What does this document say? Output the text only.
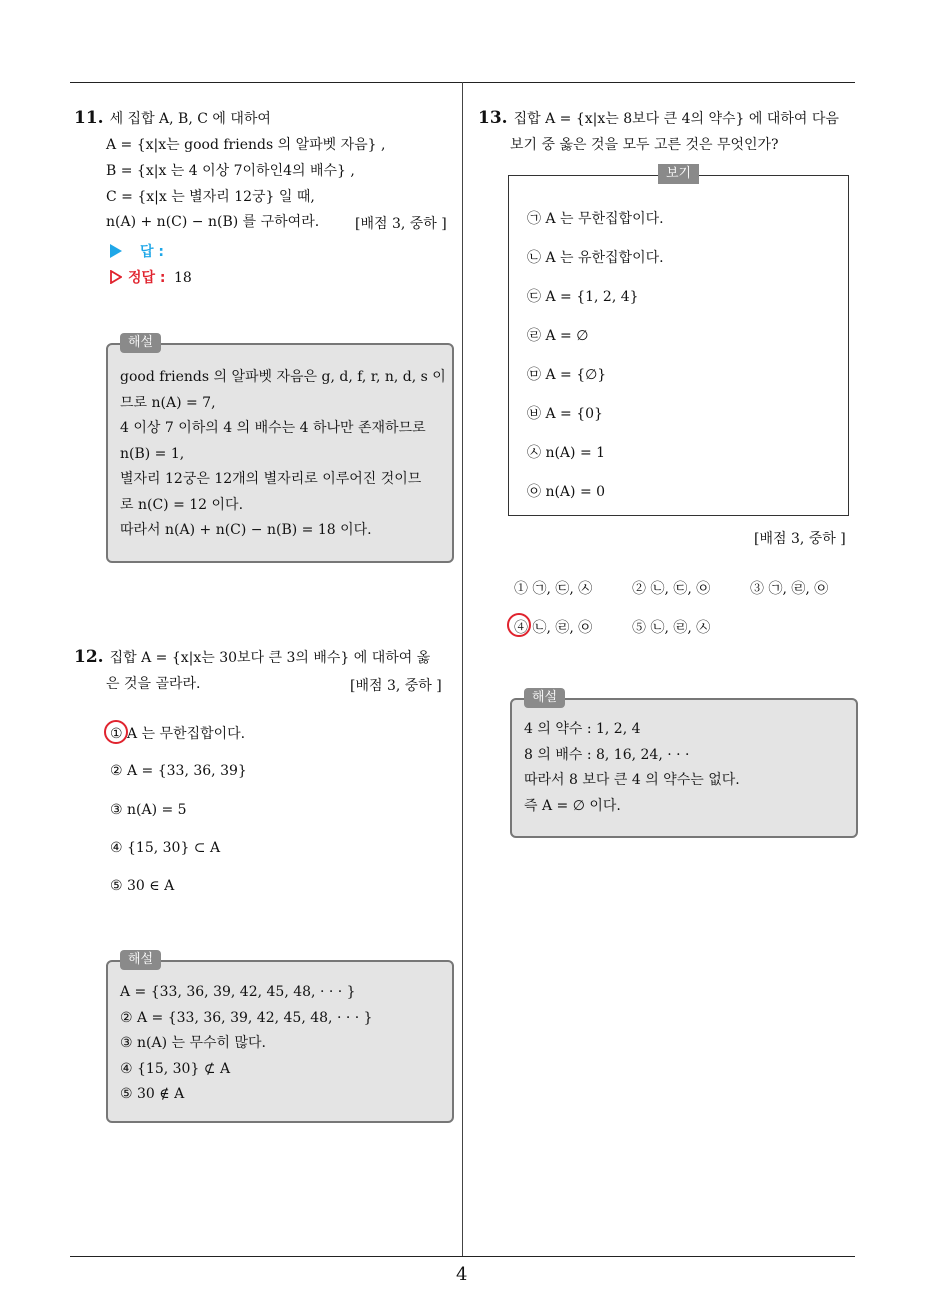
11. 세 집합 A, B, C 에 대하여
A = {x|x는 good friends 의 알파벳 자음} ,
B = {x|x 는 4 이상 7이하인4의 배수} ,
C = {x|x 는 별자리 12궁} 일 때,
n(A) + n(C) − n(B) 를 구하여라.	[배점 3, 중하 ]
답 :
정답 : 18
해설
good friends 의 알파벳 자음은 g, d, f, r, n, d, s 이
므로 n(A) = 7,
4 이상 7 이하의 4 의 배수는 4 하나만 존재하므로
n(B) = 1,
별자리 12궁은 12개의 별자리로 이루어진 것이므
로 n(C) = 12 이다.
따라서 n(A) + n(C) − n(B) = 18 이다.
12. 집합 A = {x|x는 30보다 큰 3의 배수} 에 대하여 옳
은 것을 골라라.	[배점 3, 중하 ]
① A 는 무한집합이다.
② A = {33, 36, 39}
③ n(A) = 5
④ {15, 30} ⊂ A
⑤ 30 ∈ A
해설
A = {33, 36, 39, 42, 45, 48, · · · }
② A = {33, 36, 39, 42, 45, 48, · · · }
③ n(A) 는 무수히 많다.
④ {15, 30} ⊄ A
⑤ 30 ∉ A
13. 집합 A = {x|x는 8보다 큰 4의 약수} 에 대하여 다음
보기 중 옳은 것을 모두 고른 것은 무엇인가?
보기
㉠ A 는 무한집합이다.
㉡ A 는 유한집합이다.
㉢ A = {1, 2, 4}
㉣ A = ∅
㉤ A = {∅}
㉥ A = {0}
㉦ n(A) = 1
㉧ n(A) = 0
[배점 3, 중하 ]
① ㉠, ㉢, ㉦	② ㉡, ㉢, ㉧	③ ㉠, ㉣, ㉧
④ ㉡, ㉣, ㉧	⑤ ㉡, ㉣, ㉦
해설
4 의 약수 : 1, 2, 4
8 의 배수 : 8, 16, 24, · · ·
따라서 8 보다 큰 4 의 약수는 없다.
즉 A = ∅ 이다.
4
